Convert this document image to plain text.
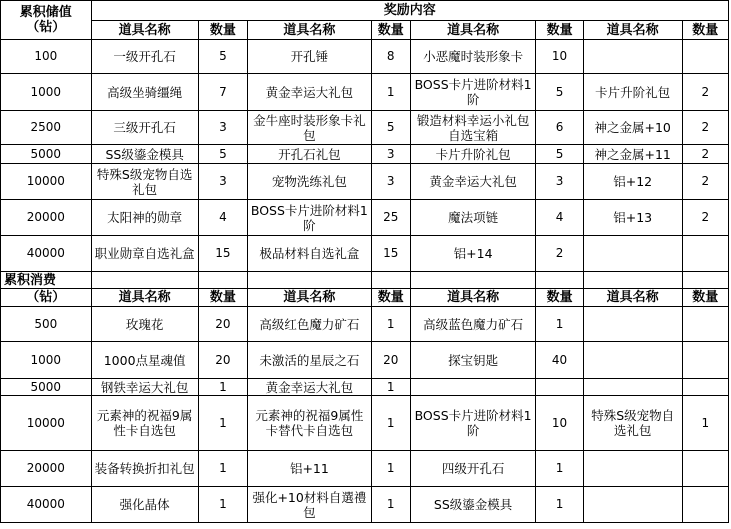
累积储值
（钻）	奖励内容							
	道具名称	数量	道具名称	数量	道具名称	数量	道具名称	数量
100	一级开孔石	5	开孔锤	8	小恶魔时装形象卡	10		
1000	高级坐骑缰绳	7	黄金幸运大礼包	1	BOSS卡片进阶材料1阶	5	卡片升阶礼包	2
2500	三级开孔石	3	金牛座时装形象卡礼包	5	锻造材料幸运小礼包自选宝箱	6	神之金属+10	2
5000	SS级鎏金模具	5	开孔石礼包	3	卡片升阶礼包	5	神之金属+11	2
10000	特殊S级宠物自选礼包	3	宠物洗练礼包	3	黄金幸运大礼包	3	铝+12	2
20000	太阳神的勋章	4	BOSS卡片进阶材料1阶	25	魔法项链	4	铝+13	2
40000	职业勋章自选礼盒	15	极品材料自选礼盒	15	铝+14	2		
累积消费								
（钻）	道具名称	数量	道具名称	数量	道具名称	数量	道具名称	数量
500	玫瑰花	20	高级红色魔力矿石	1	高级蓝色魔力矿石	1		
1000	1000点星魂值	20	未激活的星辰之石	20	探宝钥匙	40		
5000	钢铁幸运大礼包	1	黄金幸运大礼包	1				
10000	元素神的祝福9属性卡自选包	1	元素神的祝福9属性卡替代卡自选包	1	BOSS卡片进阶材料1阶	10	特殊S级宠物自选礼包	1
20000	装备转换折扣礼包	1	铝+11	1	四级开孔石	1		
40000	强化晶体	1	强化+10材料自選禮包	1	SS级鎏金模具	1		
